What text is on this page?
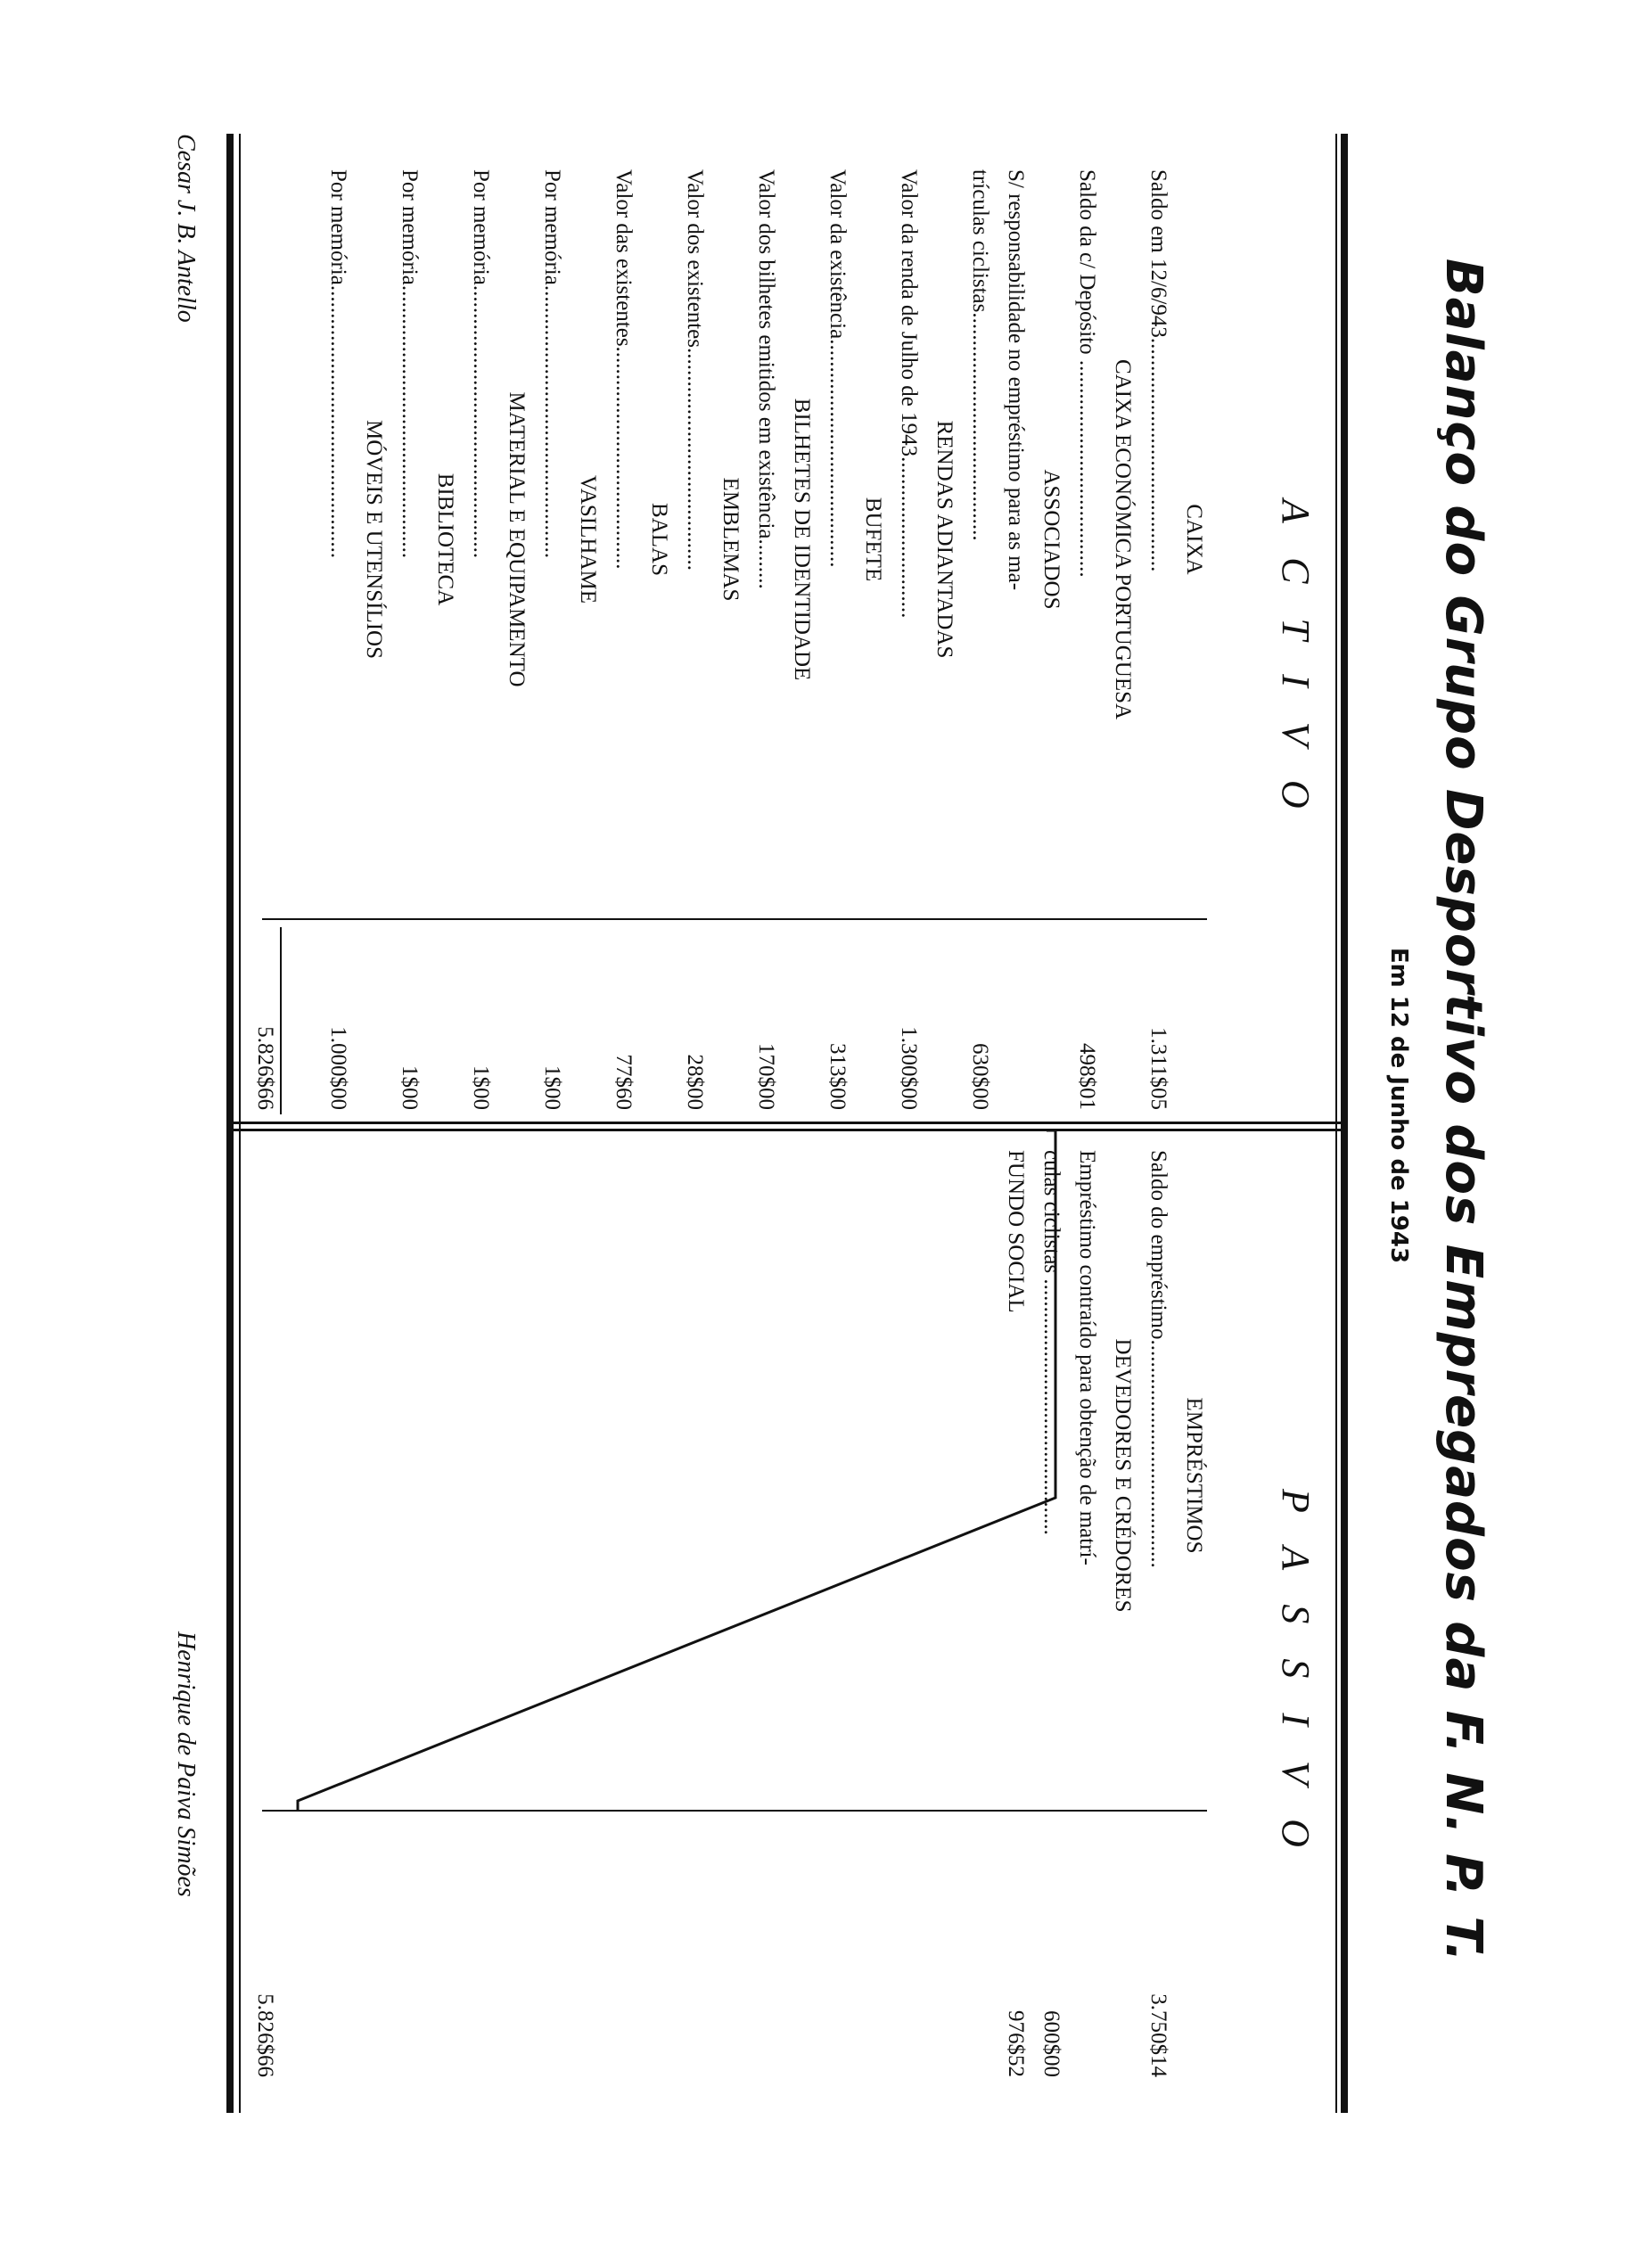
Balanço do Grupo Desportivo dos Empregados da F. N. P. T.
Em 12 de Junho de 1943
A C T I V O
P A S S I V O
CAIXA
Saldo em 12/6/943..........................................
1.311$05
CAIXA ECONÓMICA PORTUGUESA
Saldo da c/ Depósito .......................................
498$01
ASSOCIADOS
S/ responsabilidade no empréstimo para as ma-
trículas ciclistas.........................................
630$00
RENDAS ADIANTADAS
Valor da renda de Julho de 1943.............................
1.300$00
BUFETE
Valor da existência.........................................
313$00
BILHETES DE IDENTIDADE
Valor dos bilhetes emitidos em existência.........
170$00
EMBLEMAS
Valor dos existentes........................................
28$00
BALAS
Valor das existentes........................................
77$60
VASILHAME
Por memória.................................................
1$00
MATERIAL E EQUIPAMENTO
Por memória.................................................
1$00
BIBLIOTECA
Por memória.................................................
1$00
MÓVEIS E UTENSÍLIOS
Por memória.................................................
1.000$00
EMPRÉSTIMOS
Saldo do empréstimo.........................................
3.750$14
DEVEDORES E CRÉDORES
Empréstimo contraído para obtenção de matrí-
culas ciclistas ..............................................
600$00
FUNDO SOCIAL
976$52
5.826$66
5.826$66
Cesar J. B. Antello
Henrique de Paiva Simões
